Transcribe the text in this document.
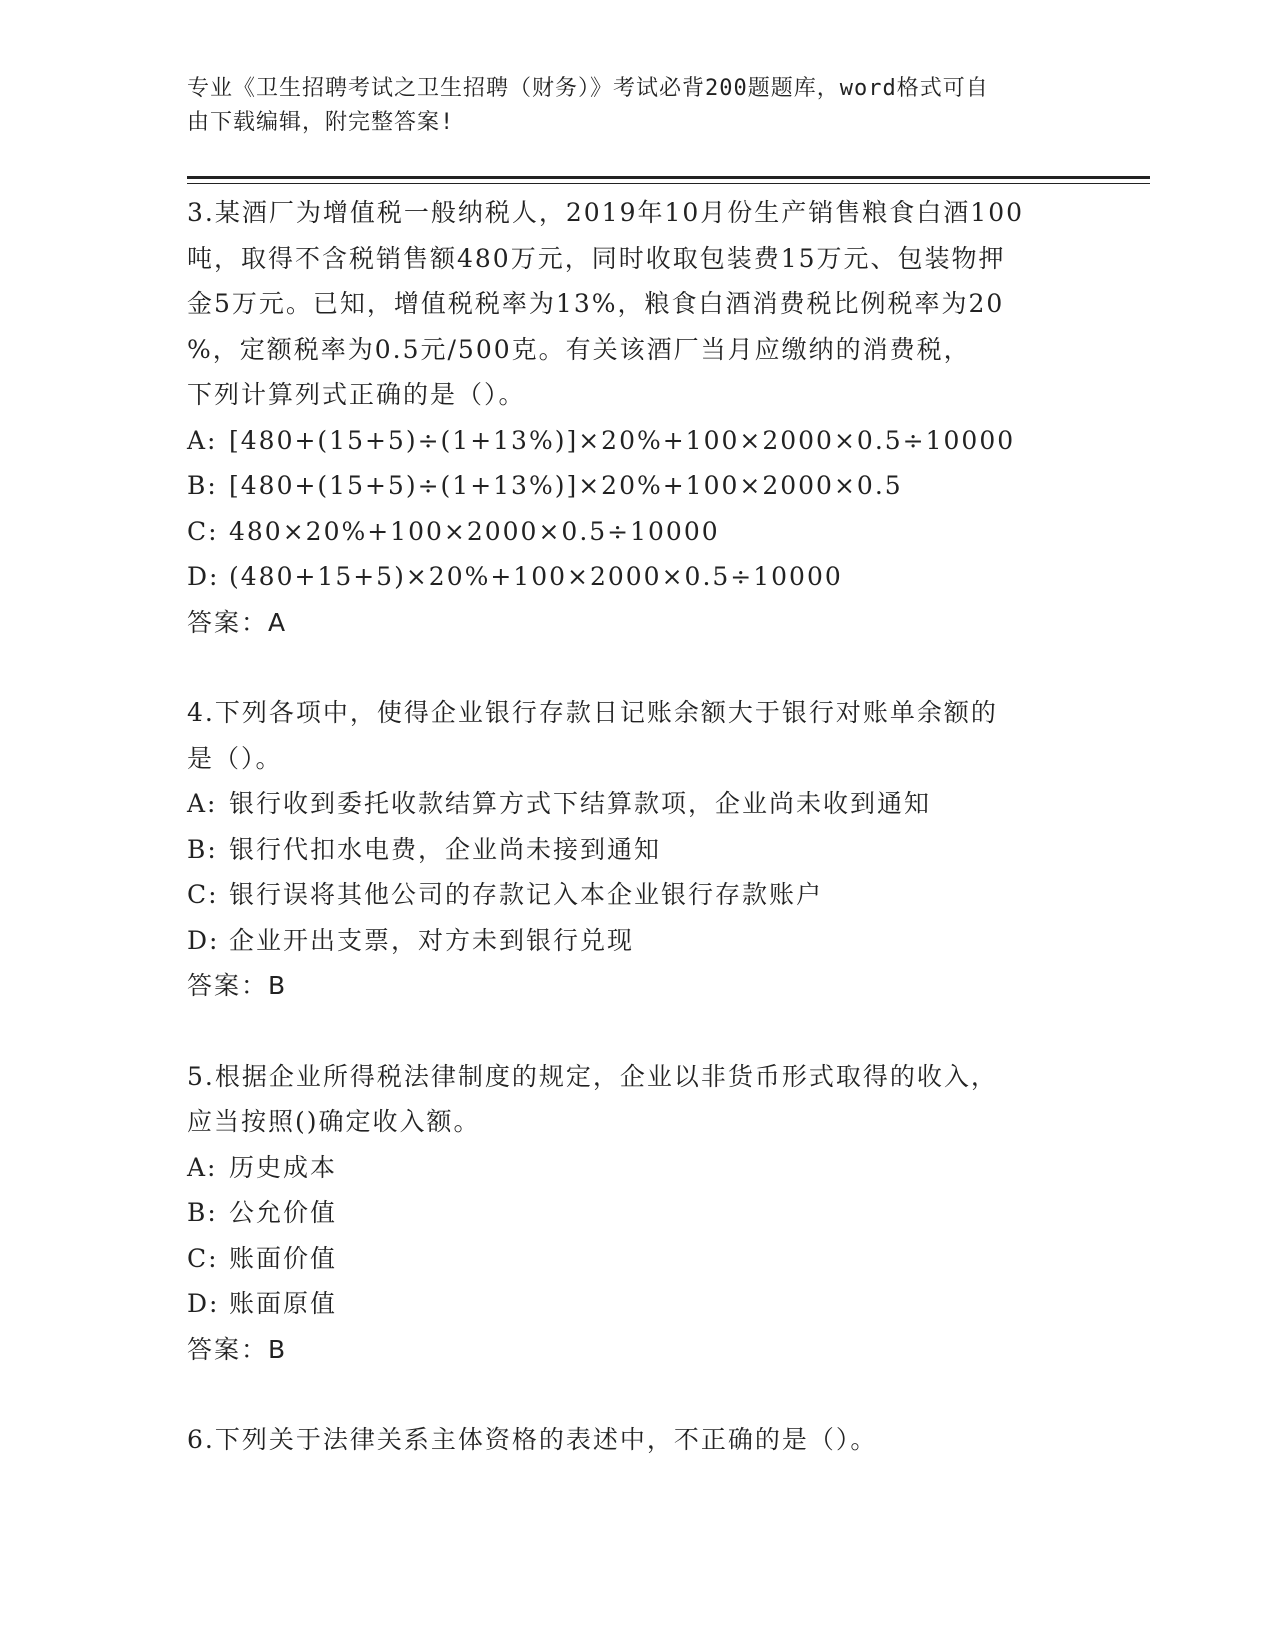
专业《卫生招聘考试之卫生招聘（财务）》考试必背200题题库，word格式可自
由下载编辑，附完整答案!

3.某酒厂为增值税一般纳税人，2019年10月份生产销售粮食白酒100

吨，取得不含税销售额480万元，同时收取包装费15万元、包装物押

金5万元。已知，增值税税率为13%，粮食白酒消费税比例税率为20

%，定额税率为0.5元/500克。有关该酒厂当月应缴纳的消费税，

下列计算列式正确的是（）。

A: [480+(15+5)÷(1+13%)]×20%+100×2000×0.5÷10000

B: [480+(15+5)÷(1+13%)]×20%+100×2000×0.5

C: 480×20%+100×2000×0.5÷10000

D: (480+15+5)×20%+100×2000×0.5÷10000

答案：A

4.下列各项中，使得企业银行存款日记账余额大于银行对账单余额的

是（）。

A: 银行收到委托收款结算方式下结算款项，企业尚未收到通知

B: 银行代扣水电费，企业尚未接到通知

C: 银行误将其他公司的存款记入本企业银行存款账户

D: 企业开出支票，对方未到银行兑现

答案：B

5.根据企业所得税法律制度的规定，企业以非货币形式取得的收入，

应当按照()确定收入额。

A: 历史成本

B: 公允价值

C: 账面价值

D: 账面原值

答案：B

6.下列关于法律关系主体资格的表述中，不正确的是（）。
